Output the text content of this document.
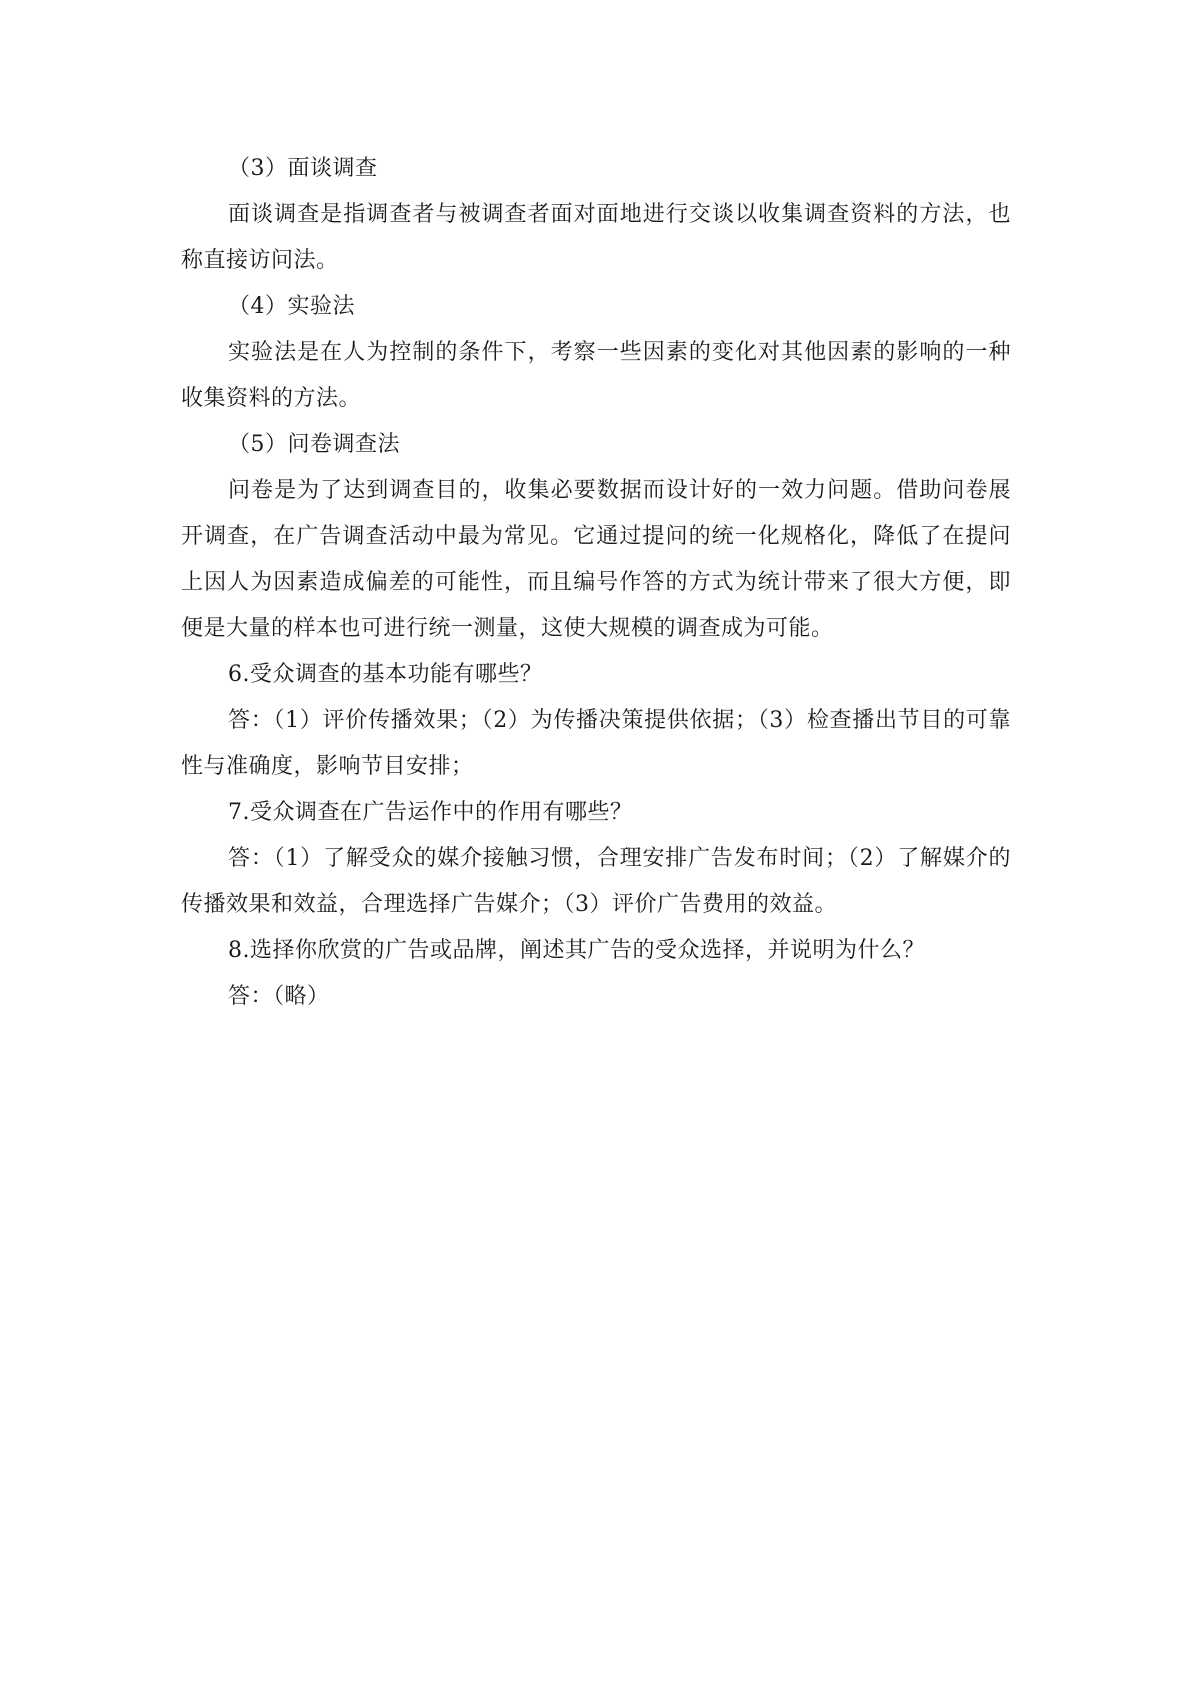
（3）面谈调查

面谈调查是指调查者与被调查者面对面地进行交谈以收集调查资料的方法，也称直接访问法。

（4）实验法

实验法是在人为控制的条件下，考察一些因素的变化对其他因素的影响的一种收集资料的方法。

（5）问卷调查法

问卷是为了达到调查目的，收集必要数据而设计好的一效力问题。借助问卷展开调查，在广告调查活动中最为常见。它通过提问的统一化规格化，降低了在提问上因人为因素造成偏差的可能性，而且编号作答的方式为统计带来了很大方便，即便是大量的样本也可进行统一测量，这使大规模的调查成为可能。

6.受众调查的基本功能有哪些？

答：（1）评价传播效果；（2）为传播决策提供依据；（3）检查播出节目的可靠性与准确度，影响节目安排；

7.受众调查在广告运作中的作用有哪些？

答：（1）了解受众的媒介接触习惯，合理安排广告发布时间；（2）了解媒介的传播效果和效益，合理选择广告媒介；（3）评价广告费用的效益。

8.选择你欣赏的广告或品牌，阐述其广告的受众选择，并说明为什么？

答：（略）
